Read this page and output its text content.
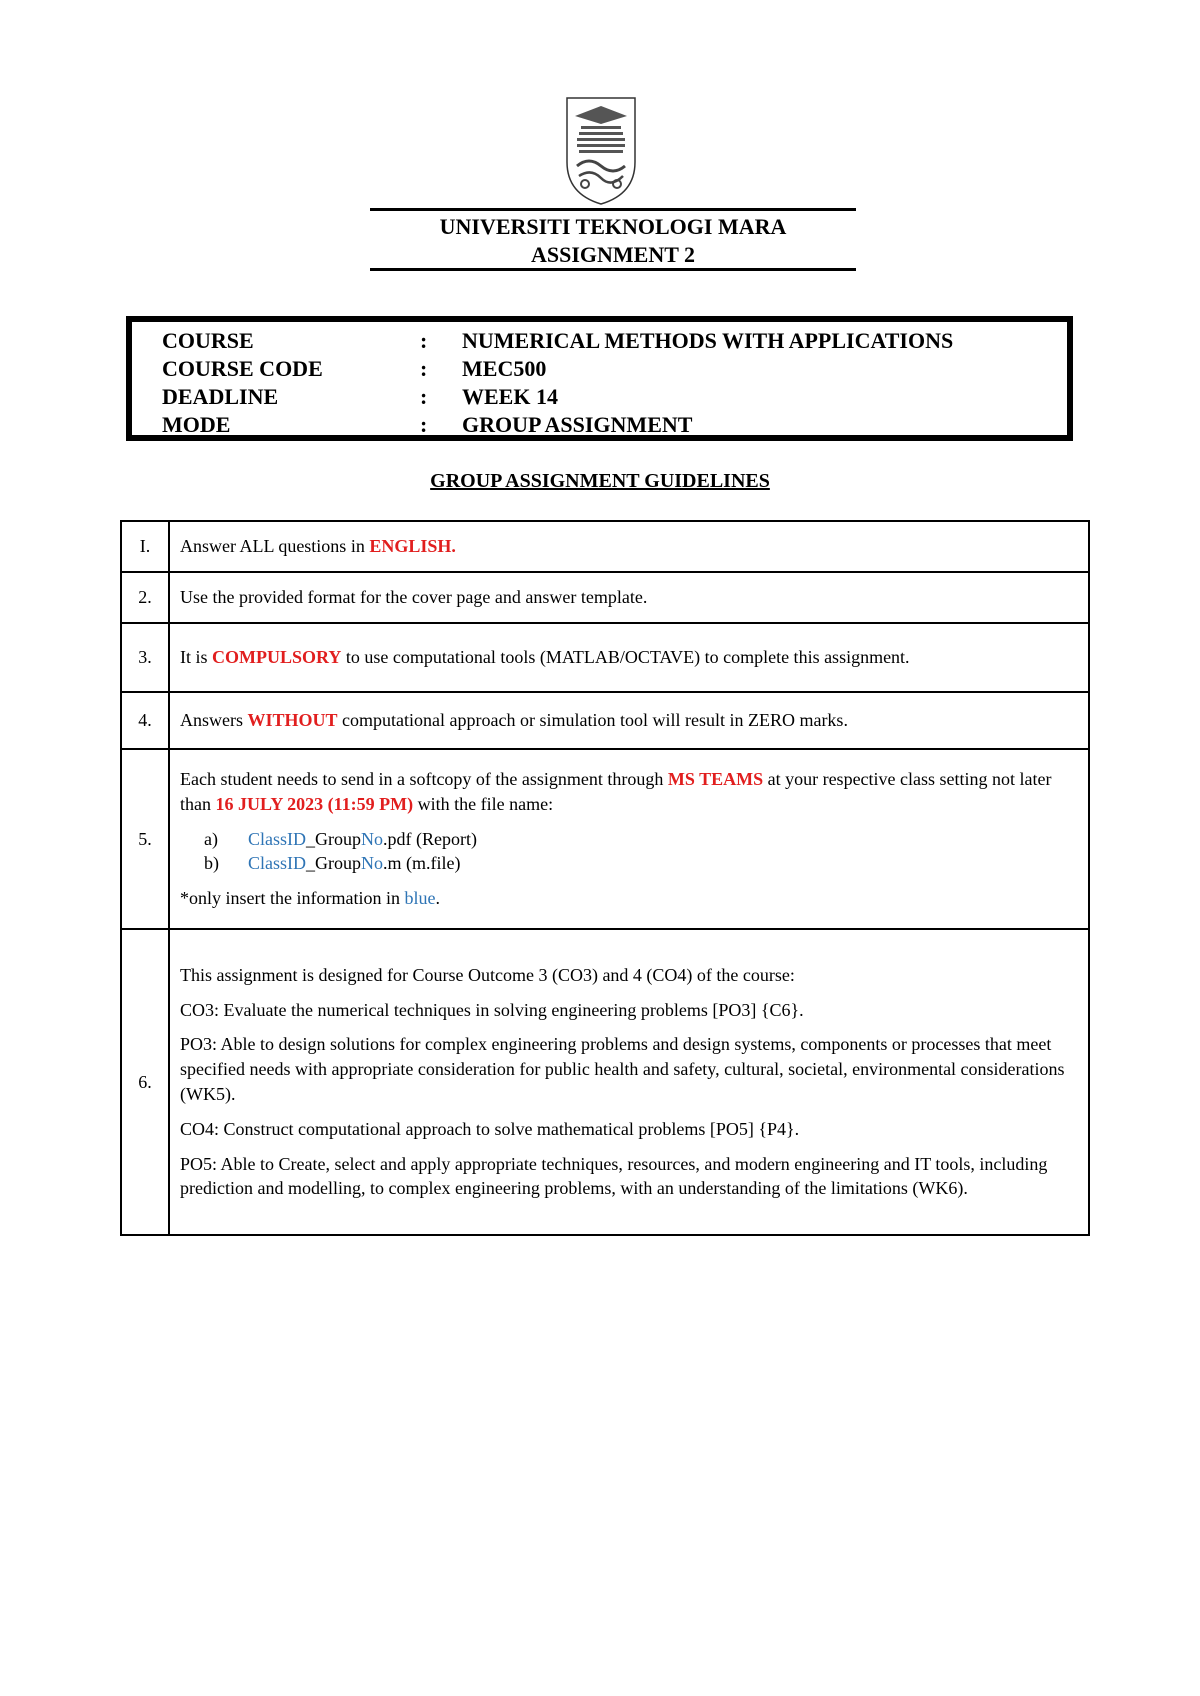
UNIVERSITI TEKNOLOGI MARA
ASSIGNMENT 2
COURSE	: NUMERICAL METHODS WITH APPLICATIONS
COURSE CODE	: MEC500
DEADLINE	: WEEK 14
MODE	: GROUP ASSIGNMENT
GROUP ASSIGNMENT GUIDELINES
I.	Answer ALL questions in ENGLISH.
2.	Use the provided format for the cover page and answer template.
3.	It is COMPULSORY to use computational tools (MATLAB/OCTAVE) to complete this assignment.
4.	Answers WITHOUT computational approach or simulation tool will result in ZERO marks.
5.	Each student needs to send in a softcopy of the assignment through MS TEAMS at your respective class setting not later than 16 JULY 2023 (11:59 PM) with the file name:

a) ClassID_GroupNo.pdf (Report)

b) ClassID_GroupNo.m (m.file)

*only insert the information in blue.

6.	This assignment is designed for Course Outcome 3 (CO3) and 4 (CO4) of the course:

CO3: Evaluate the numerical techniques in solving engineering problems [PO3] {C6}.

PO3: Able to design solutions for complex engineering problems and design systems, components or processes that meet specified needs with appropriate consideration for public health and safety, cultural, societal, environmental considerations (WK5).

CO4: Construct computational approach to solve mathematical problems [PO5] {P4}.

PO5: Able to Create, select and apply appropriate techniques, resources, and modern engineering and IT tools, including prediction and modelling, to complex engineering problems, with an understanding of the limitations (WK6).
